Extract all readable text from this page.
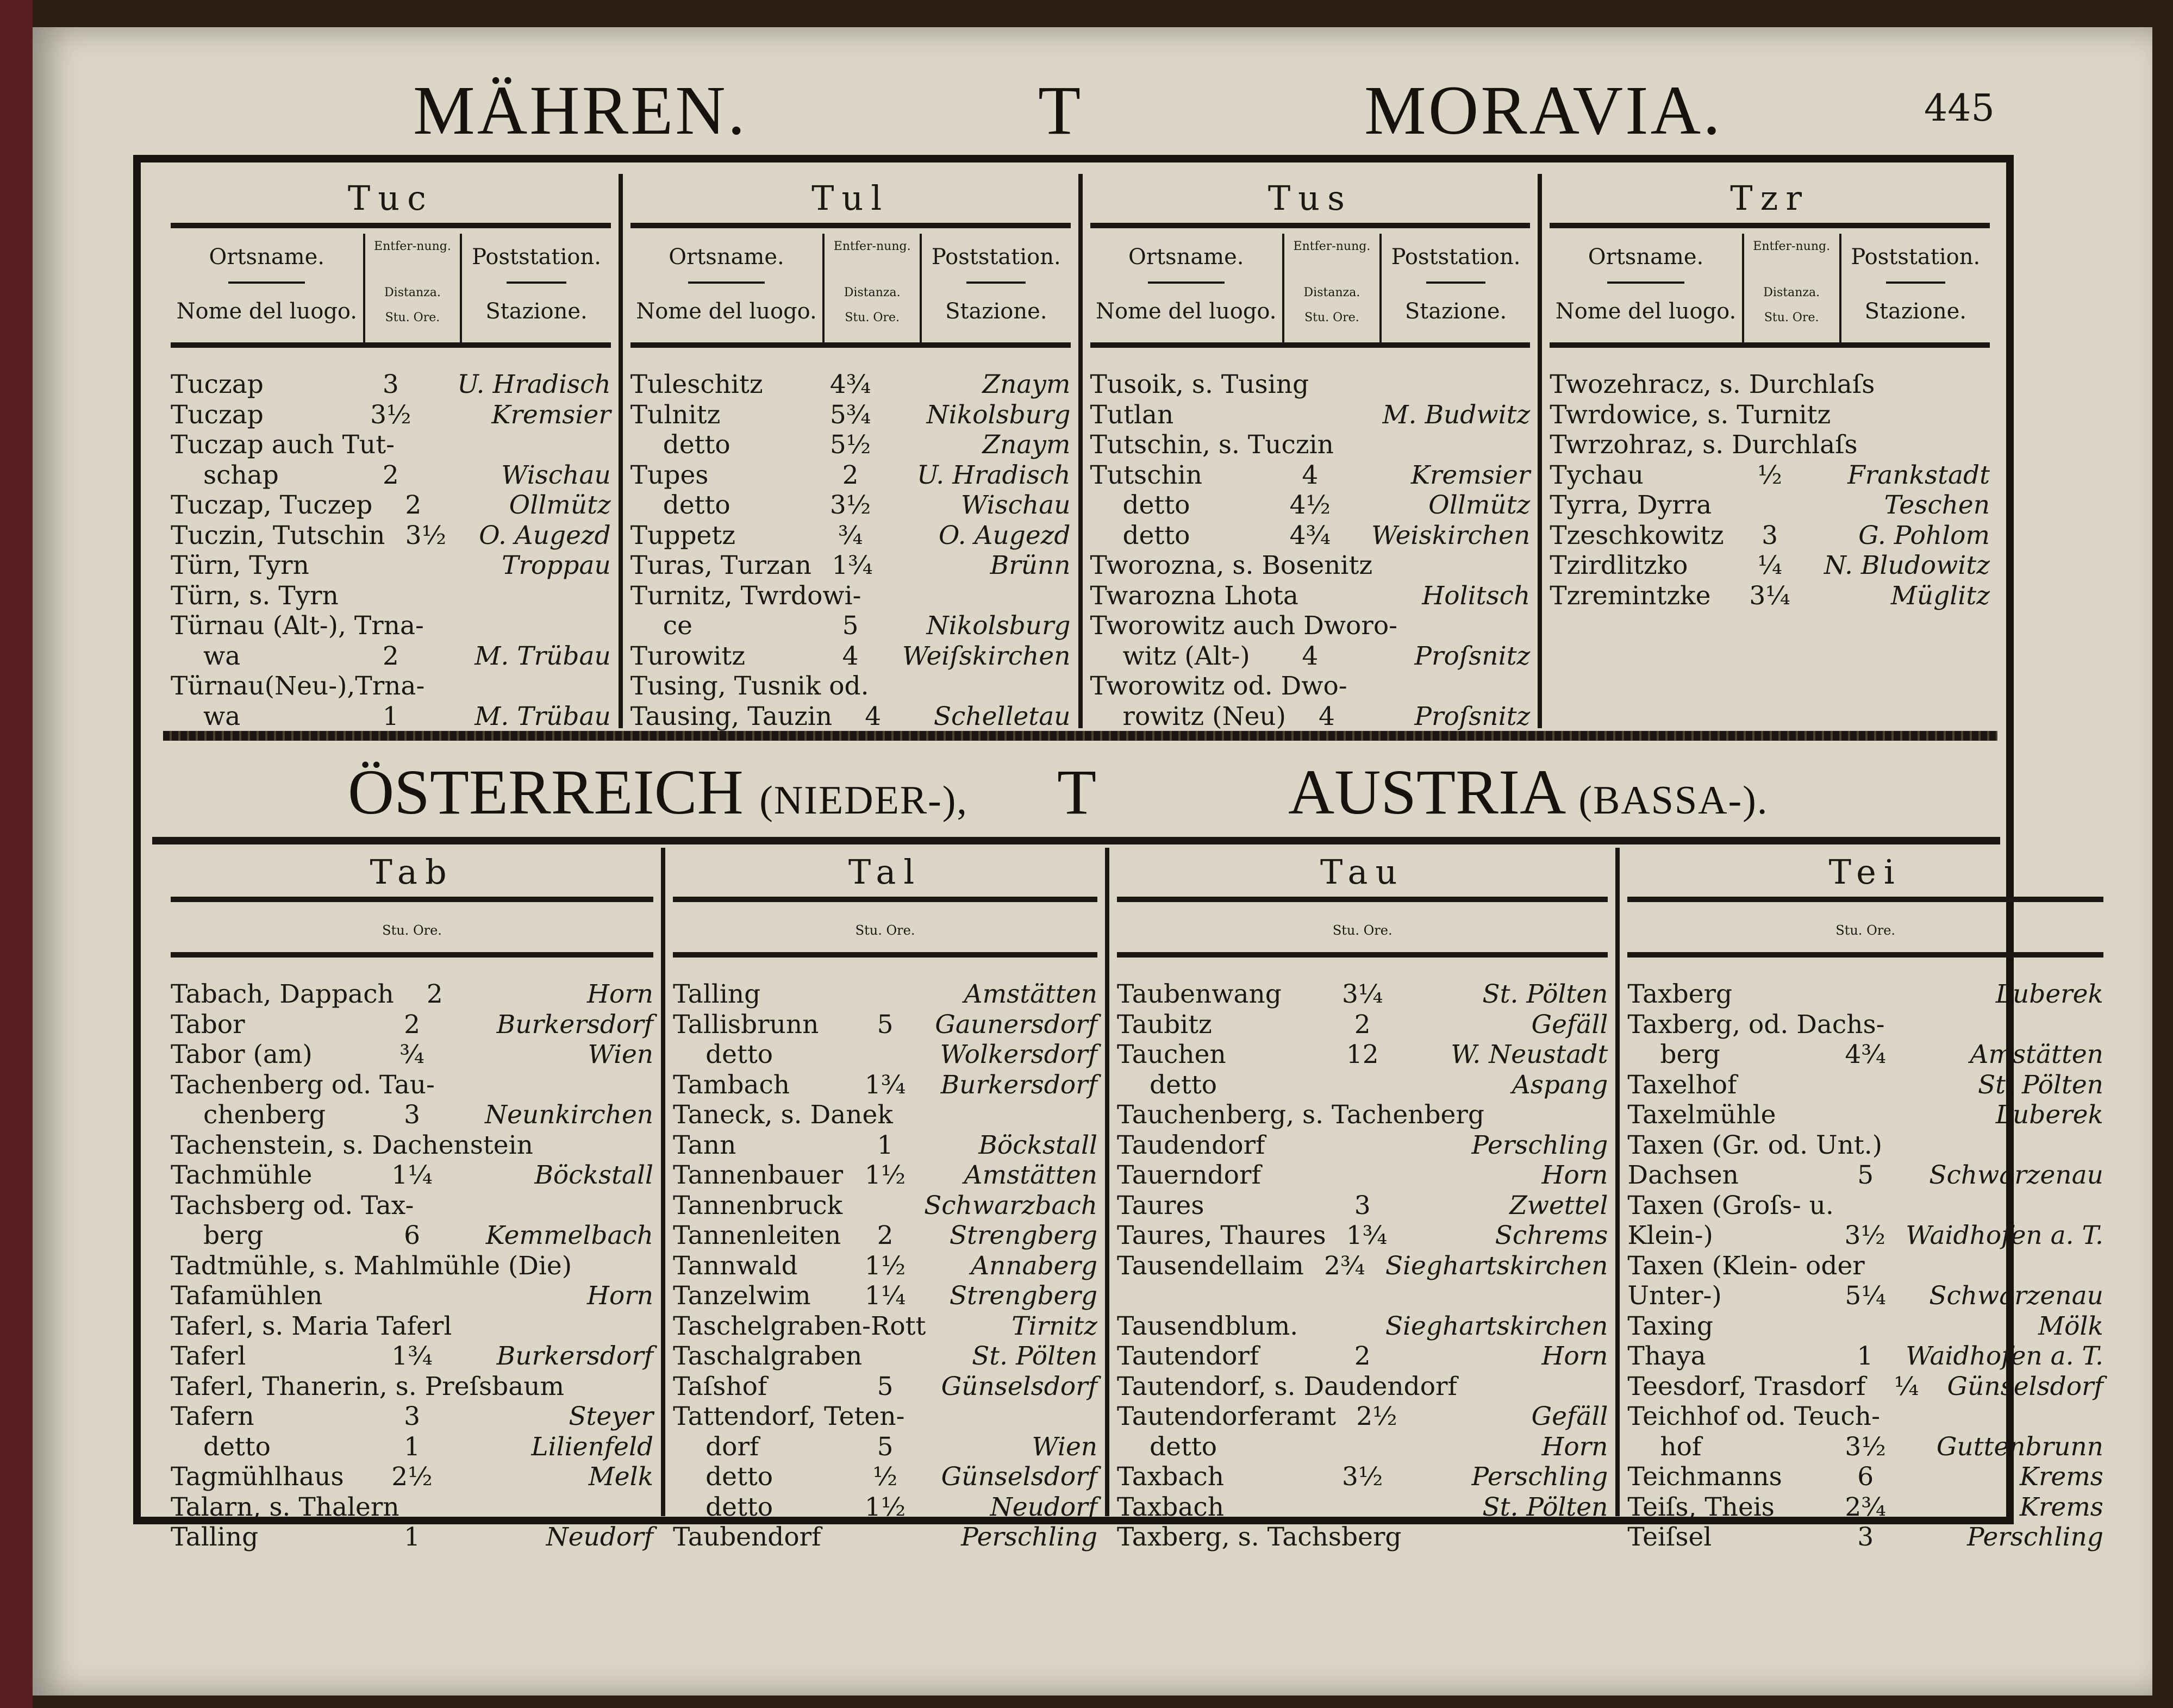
MÄHREN.	T	MORAVIA.	445
Tuc
Ortsname.
Nome del luogo.
Entfer-nung.
Distanza.
Stu. Ore.
Poststation.
Stazione.
Tuczap	3	U. Hradisch
Tuczap	3½	Kremsier
Tuczap auch Tut-
schap	2	Wischau
Tuczap, Tuczep	2	Ollmütz
Tuczin, Tutschin 3½	O. Augezd
Türn, Tyrn	Troppau
Türn, s. Tyrn
Türnau (Alt-), Trna-
wa	2	M. Trübau
Türnau(Neu-),Trna-
wa	1	M. Trübau
Tul
Ortsname.
Nome del luogo.
Entfer-nung.
Distanza.
Stu. Ore.
Poststation.
Stazione.
Tuleschitz	4¾	Znaym
Tulnitz	5¾	Nikolsburg
detto	5½	Znaym
Tupes	2	U. Hradisch
detto	3½	Wischau
Tuppetz	¾	O. Augezd
Turas, Turzan 1¾	Brünn
Turnitz, Twrdowi-
ce	5	Nikolsburg
Turowitz	4	Weiſskirchen
Tusing, Tusnik od.
Tausing, Tauzin	4	Schelletau
Tus
Ortsname.
Nome del luogo.
Entfer-nung.
Distanza.
Stu. Ore.
Poststation.
Stazione.
Tusoik, s. Tusing
Tutlan	M. Budwitz
Tutschin, s. Tuczin
Tutschin	4	Kremsier
detto	4½	Ollmütz
detto	4¾	Weiskirchen
Tworozna, s. Bosenitz
Twarozna Lhota	Holitsch
Tworowitz auch Dworo-
witz (Alt-)	4	Proſsnitz
Tworowitz od. Dwo-
rowitz (Neu)	4	Proſsnitz
Tzr
Ortsname.
Nome del luogo.
Entfer-nung.
Distanza.
Stu. Ore.
Poststation.
Stazione.
Twozehracz, s. Durchlaſs
Twrdowice, s. Turnitz
Twrzohraz, s. Durchlaſs
Tychau	½	Frankstadt
Tyrra, Dyrra	Teschen
Tzeschkowitz	3	G. Pohlom
Tzirdlitzko	¼	N. Bludowitz
Tzremintzke	3¼	Müglitz
ÖSTERREICH (NIEDER-), T	AUSTRIA (BASSA-).
Tab
Stu. Ore.
Tabach, Dappach	2	Horn
Tabor	2	Burkersdorf
Tabor (am)	¾	Wien
Tachenberg od. Tau-
chenberg	3	Neunkirchen
Tachenstein, s. Dachenstein
Tachmühle	1¼	Böckstall
Tachsberg od. Tax-
berg	6	Kemmelbach
Tadtmühle, s. Mahlmühle (Die)
Tafamühlen	Horn
Taferl, s. Maria Taferl
Taferl	1¾	Burkersdorf
Taferl, Thanerin, s. Preſsbaum
Tafern	3	Steyer
detto	1	Lilienfeld
Tagmühlhaus	2½	Melk
Talarn, s. Thalern
Talling	1	Neudorf
Tal
Stu. Ore.
Talling	Amstätten
Tallisbrunn	5	Gaunersdorf
detto	Wolkersdorf
Tambach	1¾	Burkersdorf
Taneck, s. Danek
Tann	1	Böckstall
Tannenbauer 1½	Amstätten
Tannenbruck	Schwarzbach
Tannenleiten	2	Strengberg
Tannwald	1½	Annaberg
Tanzelwim	1¼	Strengberg
Taschelgraben-Rott	Tirnitz
Taschalgraben	St. Pölten
Taſshof	5	Günselsdorf
Tattendorf, Teten-
dorf	5	Wien
detto	½	Günselsdorf
detto	1½	Neudorf
Taubendorf	Perschling
Tau
Stu. Ore.
Taubenwang	3¼	St. Pölten
Taubitz	2	Gefäll
Tauchen	12	W. Neustadt
detto	Aspang
Tauchenberg, s. Tachenberg
Taudendorf	Perschling
Tauerndorf	Horn
Taures	3	Zwettel
Taures, Thaures 1¾	Schrems
Tausendellaim 2¾ Sieghartskirchen
Tausendblum.	Sieghartskirchen
Tautendorf	2	Horn
Tautendorf, s. Daudendorf
Tautendorferamt 2½	Gefäll
detto	Horn
Taxbach	3½	Perschling
Taxbach	St. Pölten
Taxberg, s. Tachsberg
Tei
Stu. Ore.
Taxberg	Luberek
Taxberg, od. Dachs-
berg	4¾	Amstätten
Taxelhof	St. Pölten
Taxelmühle	Luberek
Taxen (Gr. od. Unt.)
Dachsen	5	Schwarzenau
Taxen (Groſs- u.
Klein-)	3½ Waidhofen a. T.
Taxen (Klein- oder
Unter-)	5¼	Schwarzenau
Taxing	Mölk
Thaya	1	Waidhofen a. T.
Teesdorf, Trasdorf	¼	Günselsdorf
Teichhof od. Teuch-
hof	3½	Guttenbrunn
Teichmanns	6	Krems
Teiſs, Theis	2¾	Krems
Teiſsel	3	Perschling
